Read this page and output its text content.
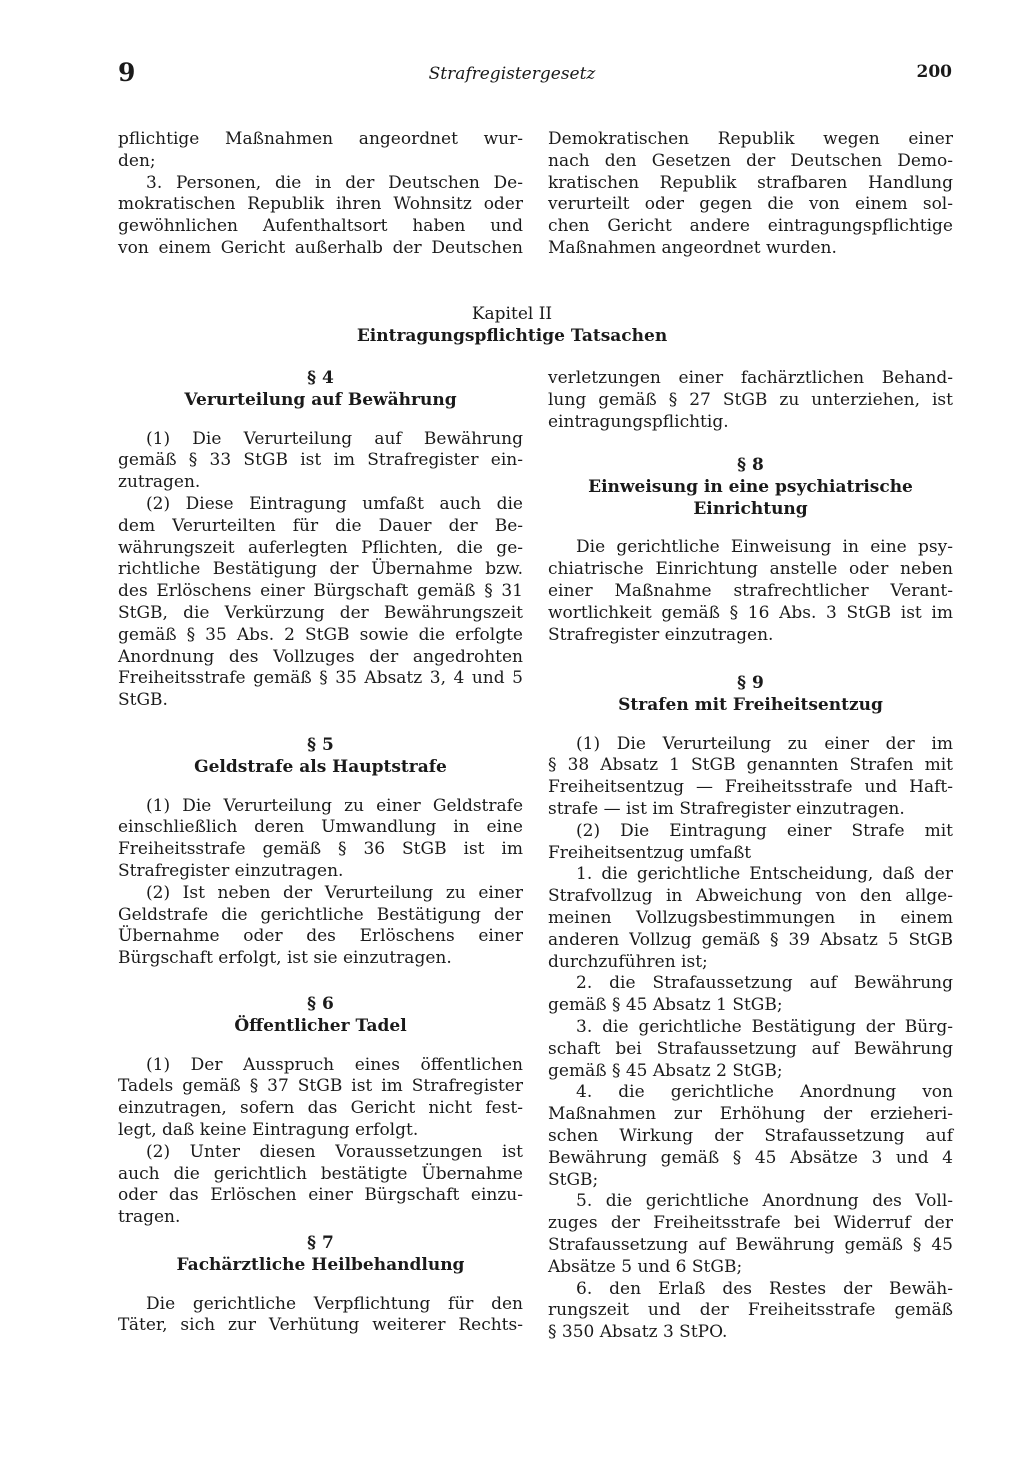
9	Strafregistergesetz	200
pflichtige Maßnahmen angeordnet wur-
den;
3. Personen, die in der Deutschen De-
mokratischen Republik ihren Wohnsitz oder
gewöhnlichen Aufenthaltsort haben und
von einem Gericht außerhalb der Deutschen
Demokratischen Republik wegen einer
nach den Gesetzen der Deutschen Demo-
kratischen Republik strafbaren Handlung
verurteilt oder gegen die von einem sol-
chen Gericht andere eintragungspflichtige
Maßnahmen angeordnet wurden.
Kapitel II
Eintragungspflichtige Tatsachen
§ 4
Verurteilung auf Bewährung
(1) Die Verurteilung auf Bewährung
gemäß § 33 StGB ist im Strafregister ein-
zutragen.
(2) Diese Eintragung umfaßt auch die
dem Verurteilten für die Dauer der Be-
währungszeit auferlegten Pflichten, die ge-
richtliche Bestätigung der Übernahme bzw.
des Erlöschens einer Bürgschaft gemäß § 31
StGB, die Verkürzung der Bewährungszeit
gemäß § 35 Abs. 2 StGB sowie die erfolgte
Anordnung des Vollzuges der angedrohten
Freiheitsstrafe gemäß § 35 Absatz 3, 4 und 5
StGB.
§ 5
Geldstrafe als Hauptstrafe
(1) Die Verurteilung zu einer Geldstrafe
einschließlich deren Umwandlung in eine
Freiheitsstrafe gemäß § 36 StGB ist im
Strafregister einzutragen.
(2) Ist neben der Verurteilung zu einer
Geldstrafe die gerichtliche Bestätigung der
Übernahme oder des Erlöschens einer
Bürgschaft erfolgt, ist sie einzutragen.
§ 6
Öffentlicher Tadel
(1) Der Ausspruch eines öffentlichen
Tadels gemäß § 37 StGB ist im Strafregister
einzutragen, sofern das Gericht nicht fest-
legt, daß keine Eintragung erfolgt.
(2) Unter diesen Voraussetzungen ist
auch die gerichtlich bestätigte Übernahme
oder das Erlöschen einer Bürgschaft einzu-
tragen.
§ 7
Fachärztliche Heilbehandlung
Die gerichtliche Verpflichtung für den
Täter, sich zur Verhütung weiterer Rechts-
verletzungen einer fachärztlichen Behand-
lung gemäß § 27 StGB zu unterziehen, ist
eintragungspflichtig.
§ 8
Einweisung in eine psychiatrische
Einrichtung
Die gerichtliche Einweisung in eine psy-
chiatrische Einrichtung anstelle oder neben
einer Maßnahme strafrechtlicher Verant-
wortlichkeit gemäß § 16 Abs. 3 StGB ist im
Strafregister einzutragen.
§ 9
Strafen mit Freiheitsentzug
(1) Die Verurteilung zu einer der im
§ 38 Absatz 1 StGB genannten Strafen mit
Freiheitsentzug — Freiheitsstrafe und Haft-
strafe — ist im Strafregister einzutragen.
(2) Die Eintragung einer Strafe mit
Freiheitsentzug umfaßt
1. die gerichtliche Entscheidung, daß der
Strafvollzug in Abweichung von den allge-
meinen Vollzugsbestimmungen in einem
anderen Vollzug gemäß § 39 Absatz 5 StGB
durchzuführen ist;
2. die Strafaussetzung auf Bewährung
gemäß § 45 Absatz 1 StGB;
3. die gerichtliche Bestätigung der Bürg-
schaft bei Strafaussetzung auf Bewährung
gemäß § 45 Absatz 2 StGB;
4. die gerichtliche Anordnung von
Maßnahmen zur Erhöhung der erzieheri-
schen Wirkung der Strafaussetzung auf
Bewährung gemäß § 45 Absätze 3 und 4
StGB;
5. die gerichtliche Anordnung des Voll-
zuges der Freiheitsstrafe bei Widerruf der
Strafaussetzung auf Bewährung gemäß § 45
Absätze 5 und 6 StGB;
6. den Erlaß des Restes der Bewäh-
rungszeit und der Freiheitsstrafe gemäß
§ 350 Absatz 3 StPO.
